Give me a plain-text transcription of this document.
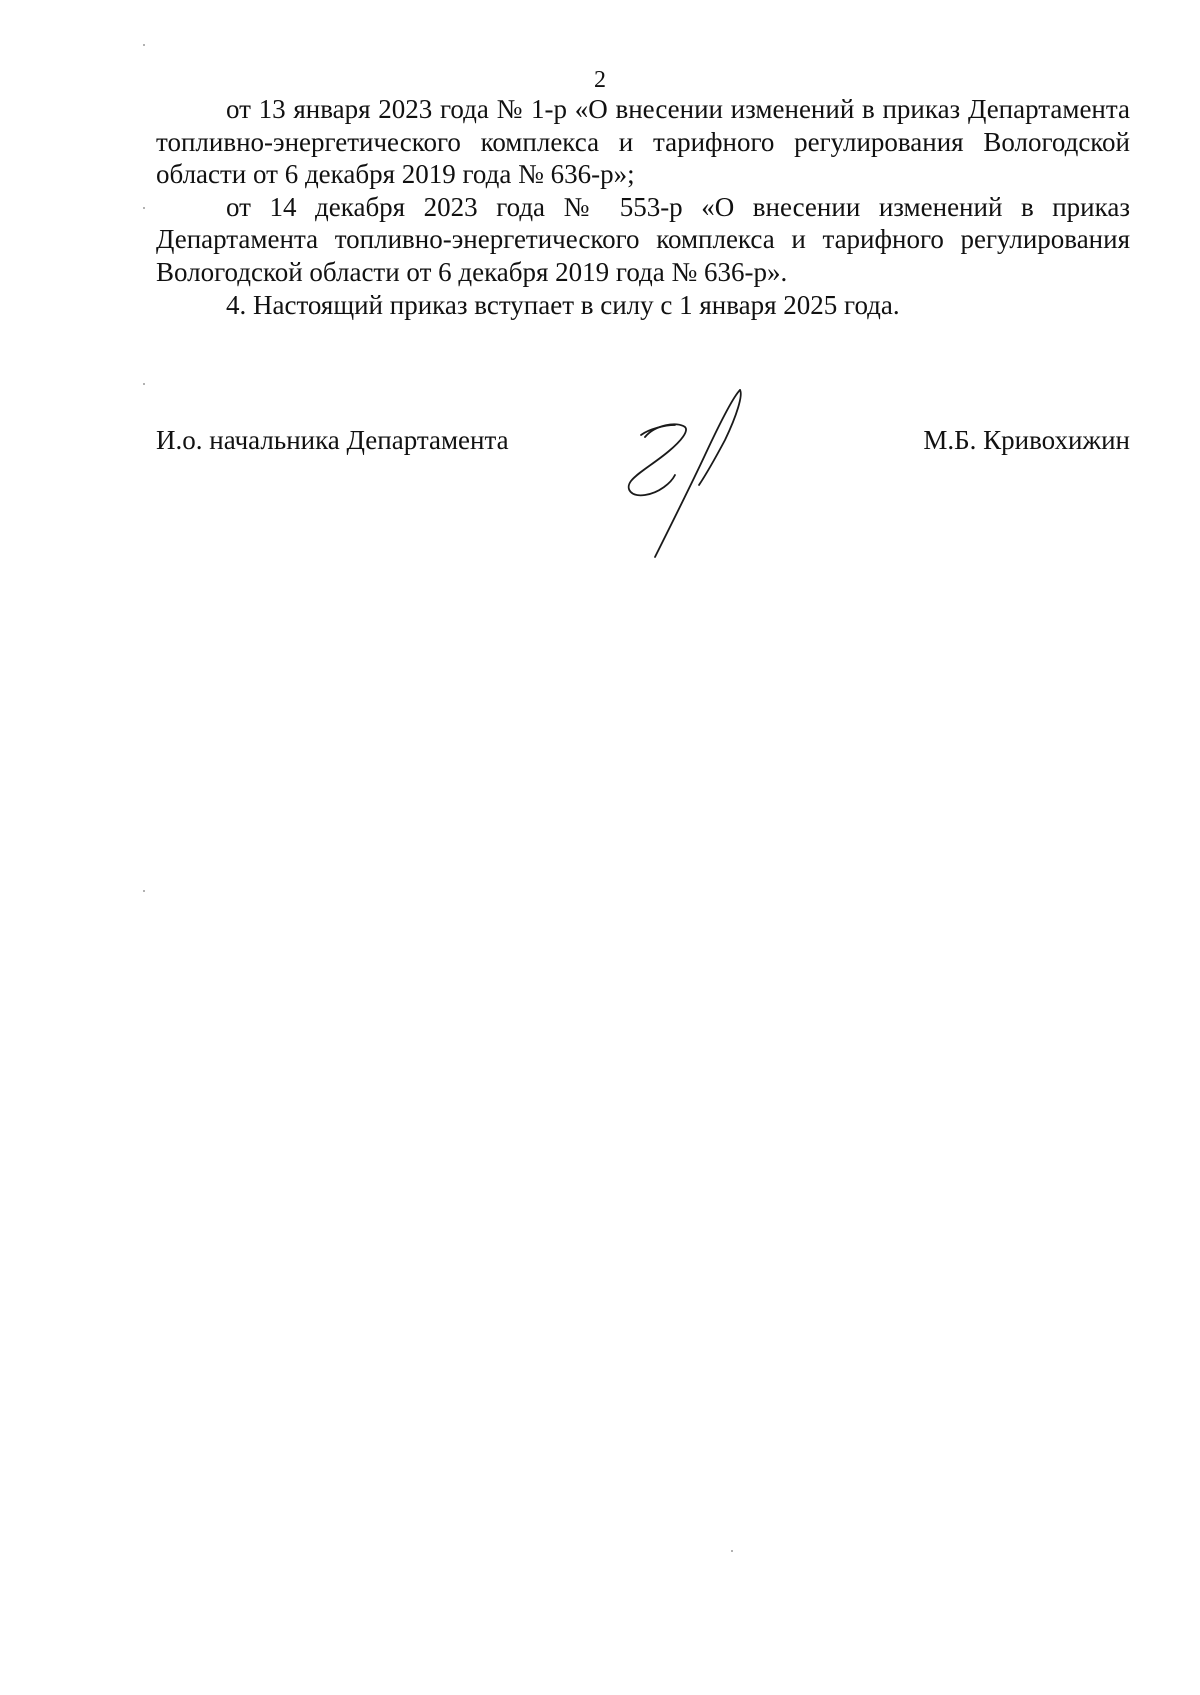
2

от 13 января 2023 года № 1-р «О внесении изменений в приказ Департамента топливно-энергетического комплекса и тарифного регулирования Вологодской области от 6 декабря 2019 года № 636-р»;

от 14 декабря 2023 года № 553-р «О внесении изменений в приказ Департамента топливно-энергетического комплекса и тарифного регулирования Вологодской области от 6 декабря 2019 года № 636-р».

4. Настоящий приказ вступает в силу с 1 января 2025 года.

И.о. начальника Департамента	М.Б. Кривохижин
